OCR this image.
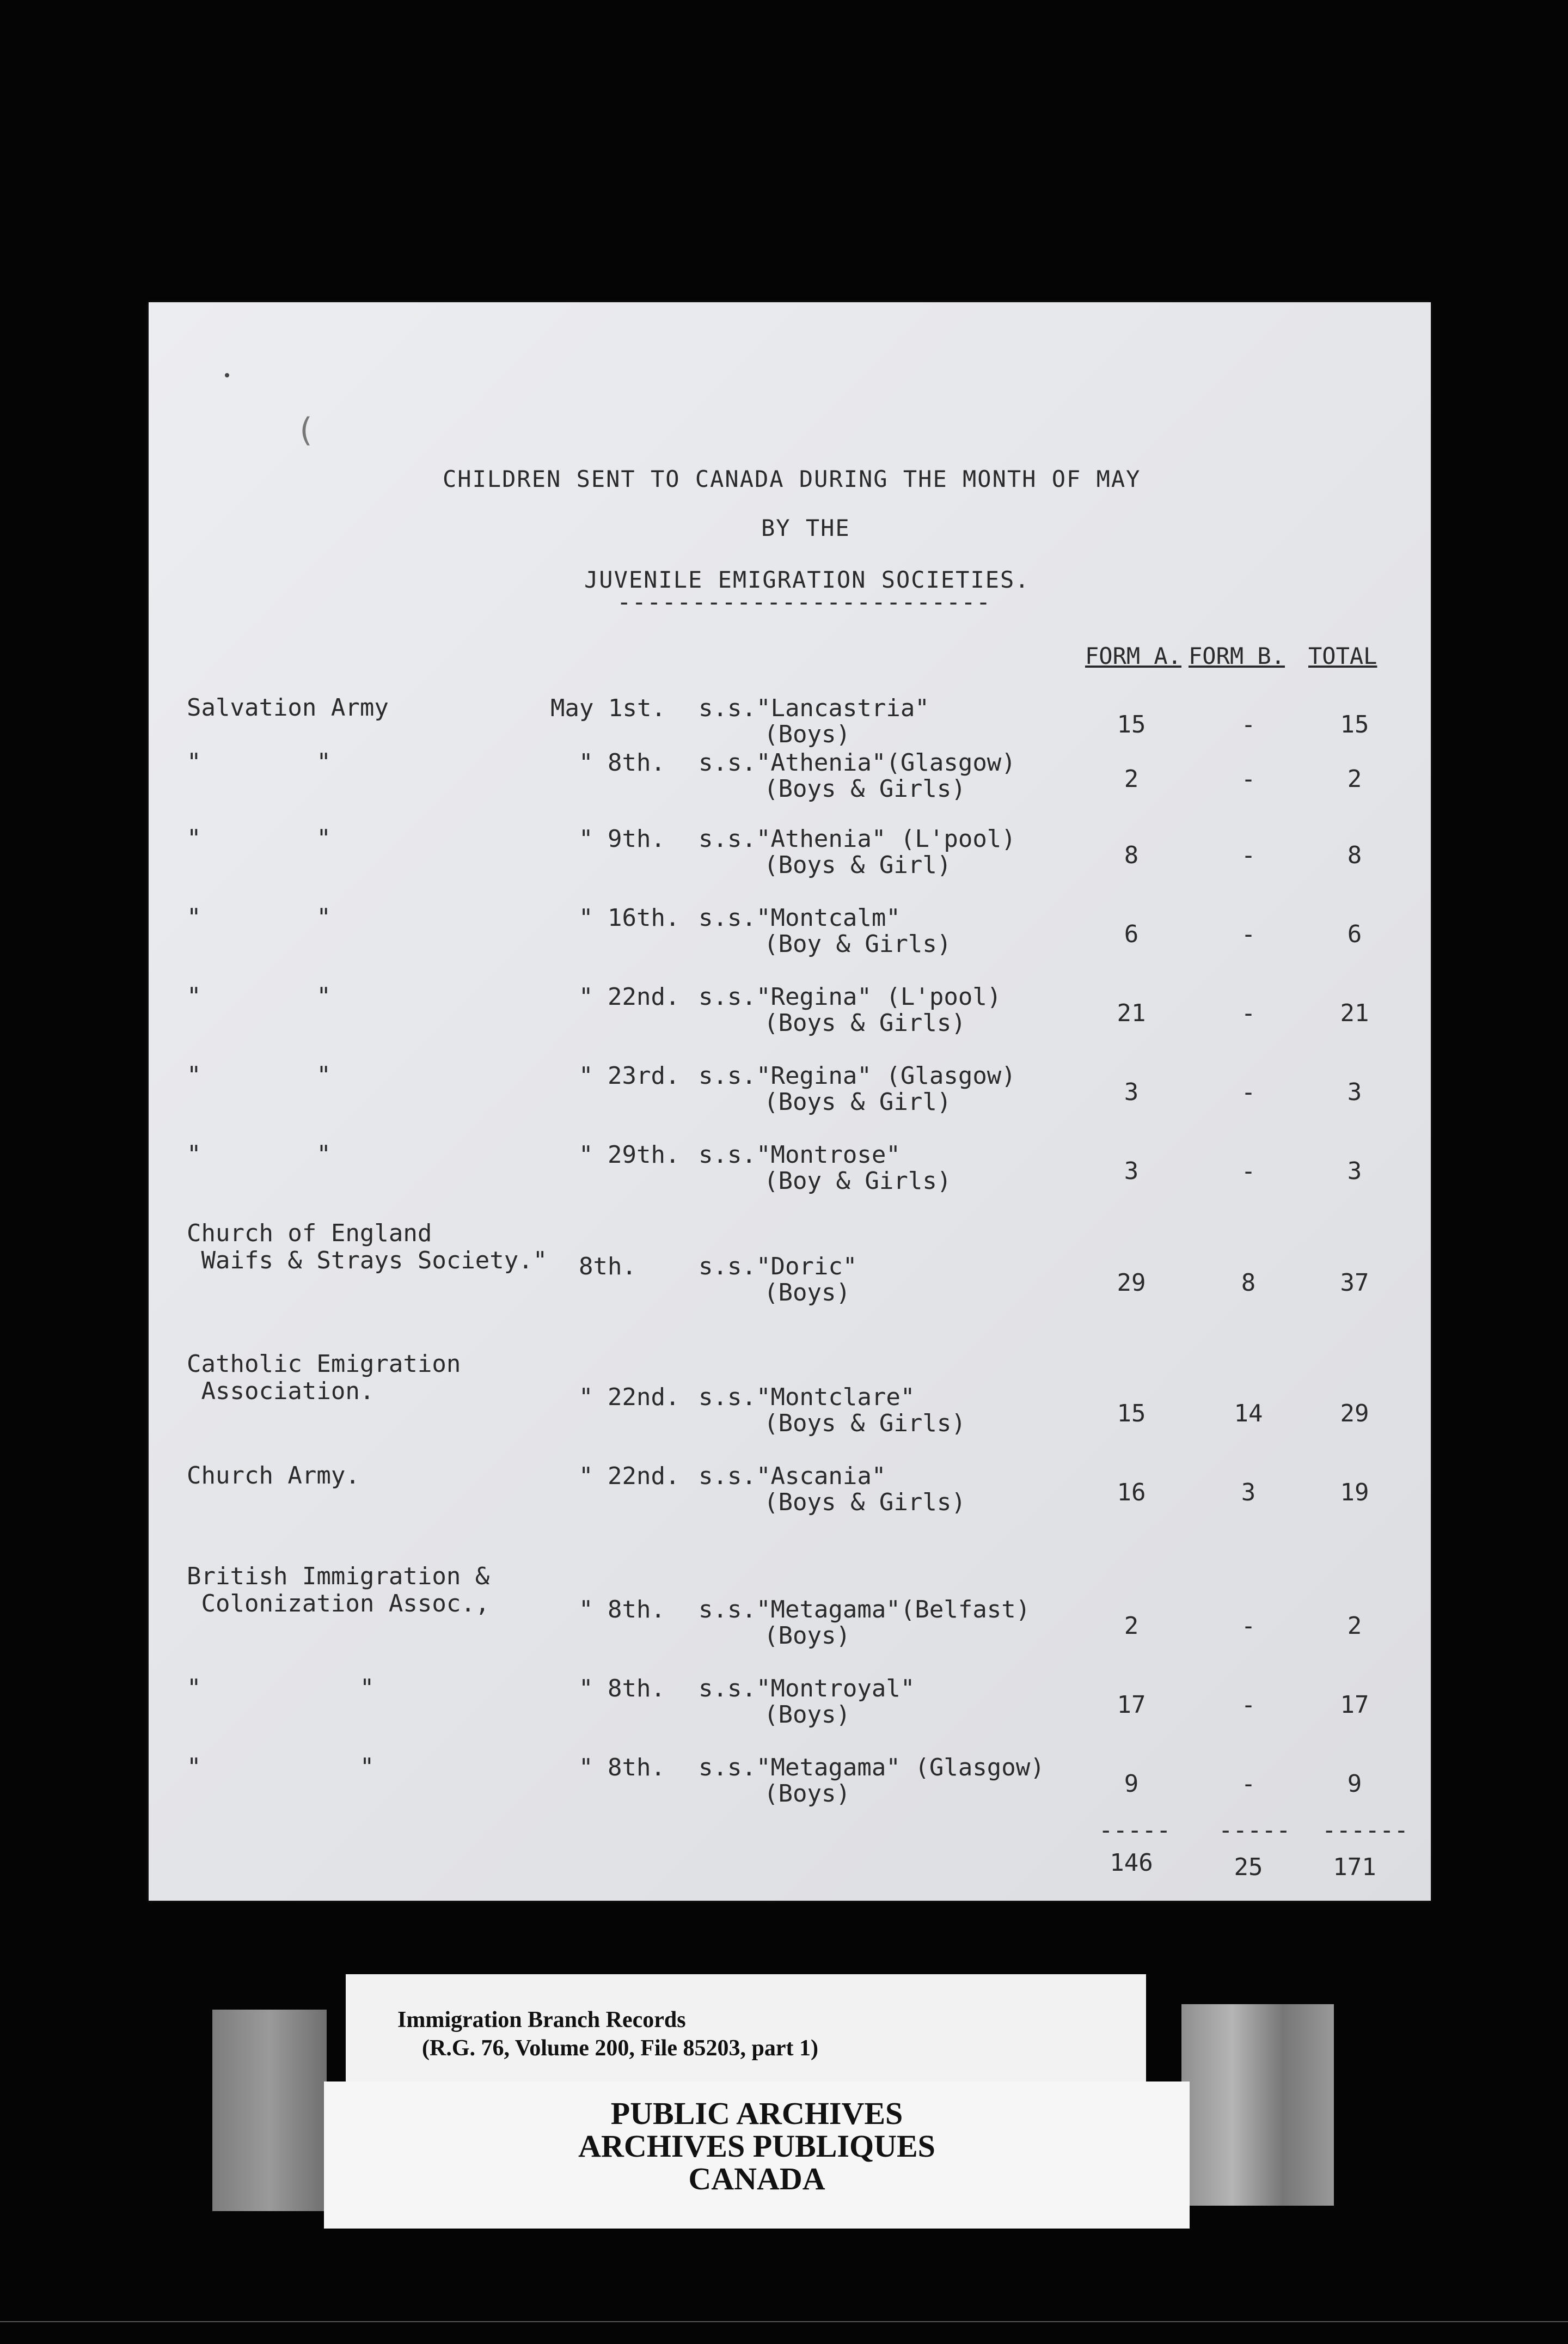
(
CHILDREN SENT TO CANADA DURING THE MONTH OF MAY
BY THE
JUVENILE EMIGRATION SOCIETIES.
-------------------------
FORM A. FORM B. TOTAL
Salvation Army	May 1st. s.s."Lancastria"
(Boys)	15	-	15
"        "	" 8th. s.s."Athenia"(Glasgow)
(Boys & Girls)	2	-	2
"        "	" 9th. s.s."Athenia" (L'pool)
(Boys & Girl)	8	-	8
"        "	" 16th. s.s."Montcalm"
(Boy & Girls)	6	-	6
"        "	" 22nd. s.s."Regina" (L'pool)
(Boys & Girls)	21	-	21
"        "	" 23rd. s.s."Regina" (Glasgow)
(Boys & Girl)	3	-	3
"        "	" 29th. s.s."Montrose"
(Boy & Girls)	3	-	3
Church of England
Waifs & Strays Society." 8th.	s.s."Doric"
(Boys)	29	8	37
Catholic Emigration
Association.	" 22nd. s.s."Montclare"
(Boys & Girls)	15	14	29
Church Army.	" 22nd. s.s."Ascania"
(Boys & Girls)	16	3	19
British Immigration &
Colonization Assoc.,	" 8th. s.s."Metagama"(Belfast)
(Boys)	2	-	2
"           "	" 8th. s.s."Montroyal"
(Boys)	17	-	17
"           "	" 8th. s.s."Metagama" (Glasgow)
(Boys)	9	-	9
----- ----- ------
146	25	171
Immigration Branch Records
(R.G. 76, Volume 200, File 85203, part 1)
PUBLIC ARCHIVES
ARCHIVES PUBLIQUES
CANADA
